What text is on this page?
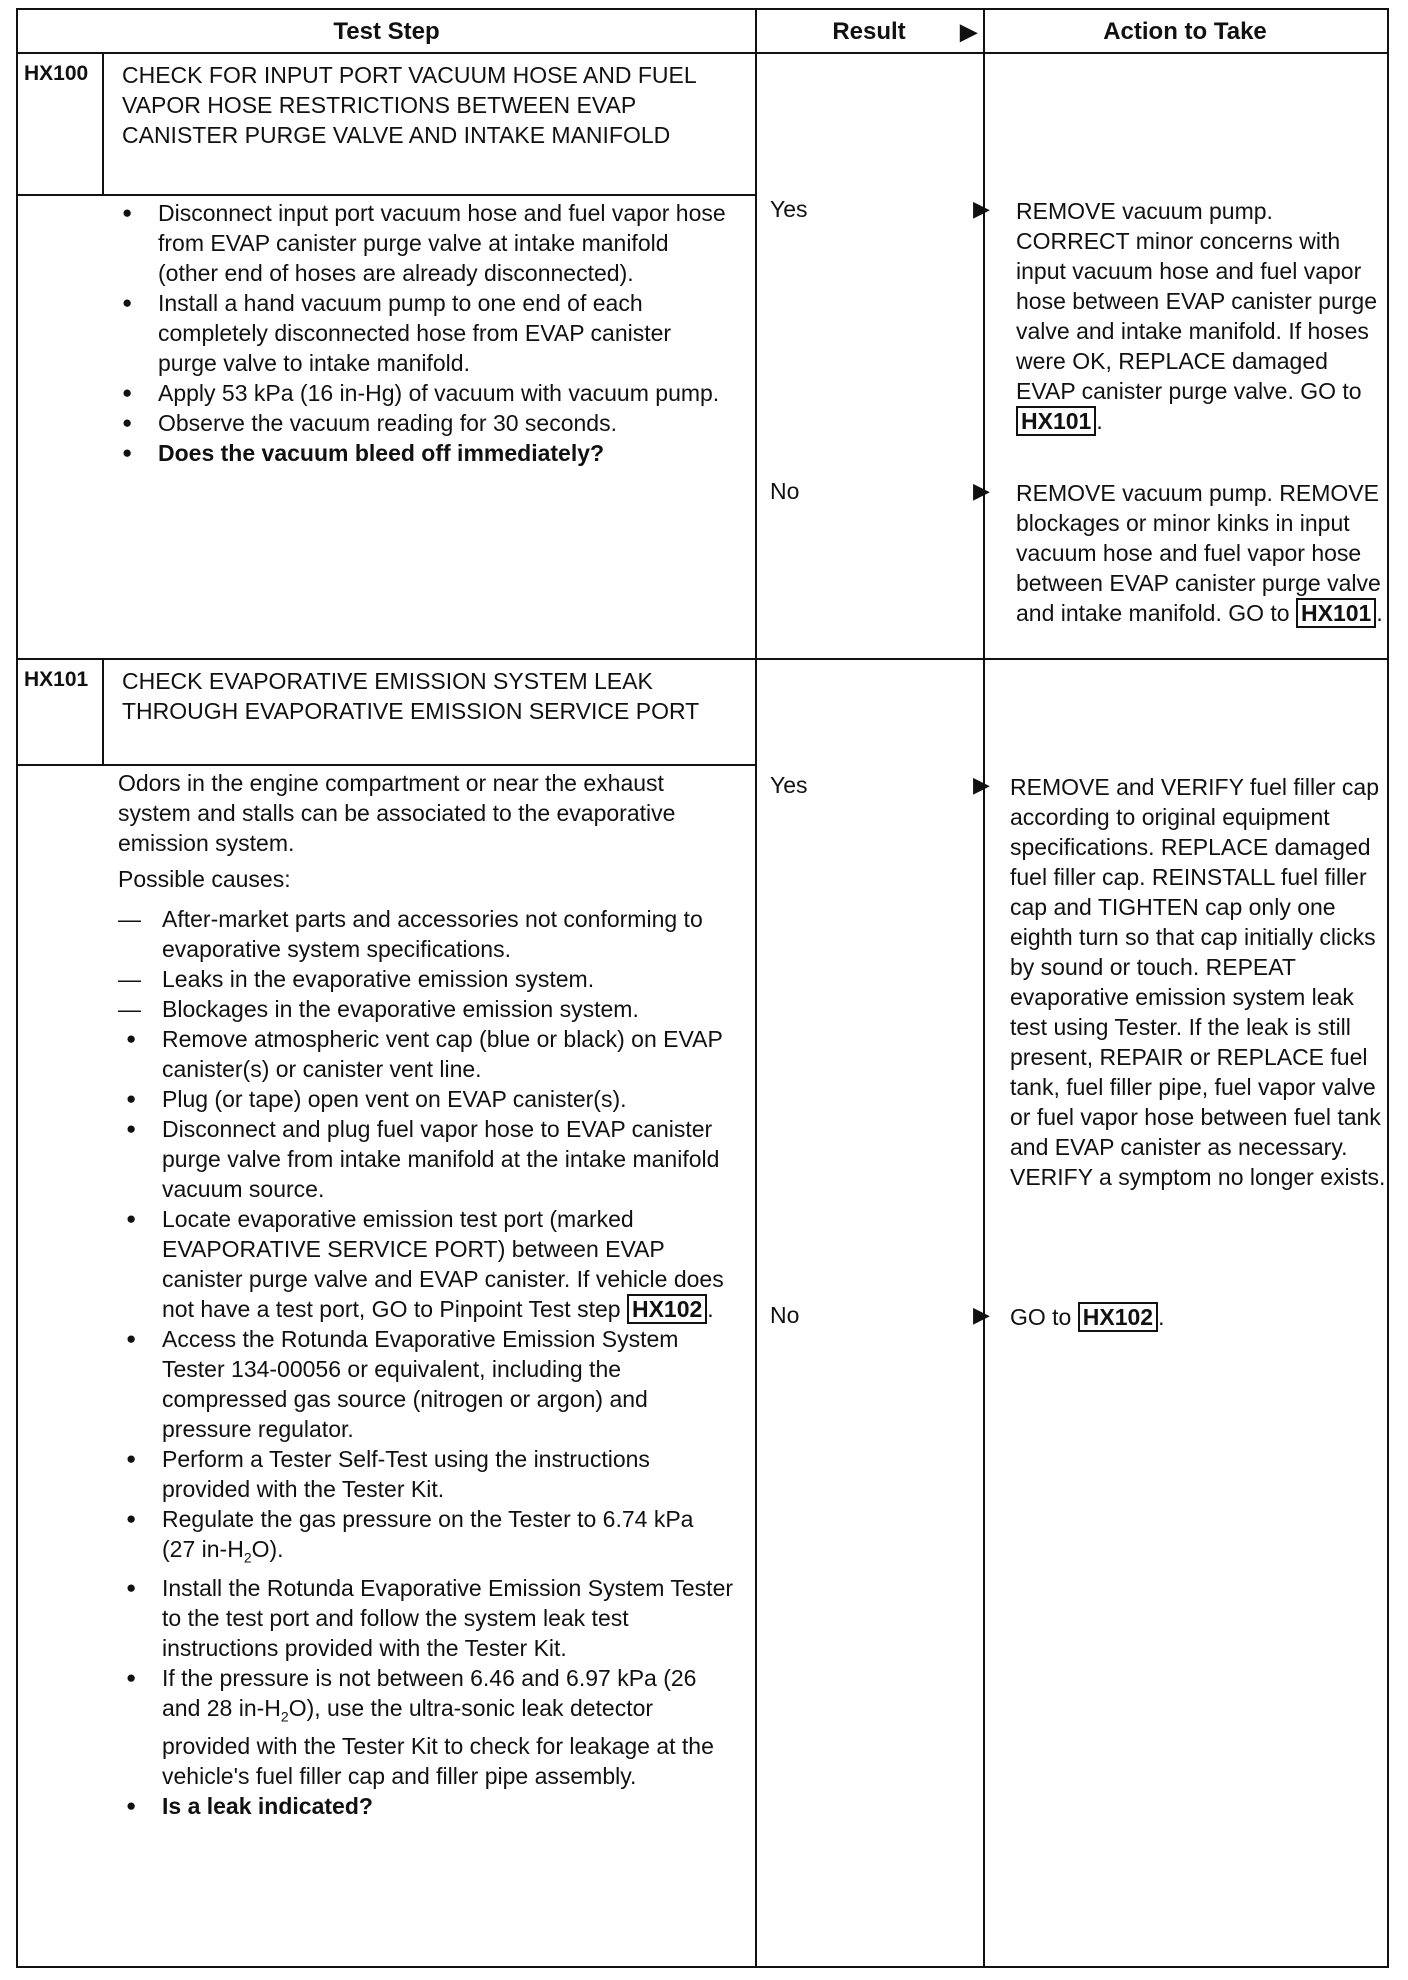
Test Step	Result ▶	Action to Take
HX100 CHECK FOR INPUT PORT VACUUM HOSE AND FUEL VAPOR HOSE RESTRICTIONS BETWEEN EVAP CANISTER PURGE VALVE AND INTAKE MANIFOLD
● Disconnect input port vacuum hose and fuel vapor hose from EVAP canister purge valve at intake manifold (other end of hoses are already disconnected).
● Install a hand vacuum pump to one end of each completely disconnected hose from EVAP canister purge valve to intake manifold.
● Apply 53 kPa (16 in-Hg) of vacuum with vacuum pump.
● Observe the vacuum reading for 30 seconds.
● Does the vacuum bleed off immediately?
Yes	▶ REMOVE vacuum pump. CORRECT minor concerns with input vacuum hose and fuel vapor hose between EVAP canister purge valve and intake manifold. If hoses were OK, REPLACE damaged EVAP canister purge valve. GO to HX101 .
No	▶ REMOVE vacuum pump. REMOVE blockages or minor kinks in input vacuum hose and fuel vapor hose between EVAP canister purge valve and intake manifold. GO to HX101 .
HX101 CHECK EVAPORATIVE EMISSION SYSTEM LEAK THROUGH EVAPORATIVE EMISSION SERVICE PORT

Odors in the engine compartment or near the exhaust system and stalls can be associated to the evaporative emission system.

Possible causes:

— After-market parts and accessories not conforming to evaporative system specifications.
— Leaks in the evaporative emission system.
— Blockages in the evaporative emission system.
● Remove atmospheric vent cap (blue or black) on EVAP canister(s) or canister vent line.
● Plug (or tape) open vent on EVAP canister(s).
● Disconnect and plug fuel vapor hose to EVAP canister purge valve from intake manifold at the intake manifold vacuum source.
● Locate evaporative emission test port (marked EVAPORATIVE SERVICE PORT) between EVAP canister purge valve and EVAP canister. If vehicle does not have a test port, GO to Pinpoint Test step HX102 .
● Access the Rotunda Evaporative Emission System Tester 134-00056 or equivalent, including the compressed gas source (nitrogen or argon) and pressure regulator.
● Perform a Tester Self-Test using the instructions provided with the Tester Kit.
● Regulate the gas pressure on the Tester to 6.74 kPa (27 $in-H_2O$).
● Install the Rotunda Evaporative Emission System Tester to the test port and follow the system leak test instructions provided with the Tester Kit.
● If the pressure is not between 6.46 and 6.97 kPa (26 and 28 $in-H_2O$), use the ultra-sonic leak detector provided with the Tester Kit to check for leakage at the vehicle's fuel filler cap and filler pipe assembly.
● Is a leak indicated?
Yes	▶ REMOVE and VERIFY fuel filler cap according to original equipment specifications. REPLACE damaged fuel filler cap. REINSTALL fuel filler cap and TIGHTEN cap only one eighth turn so that cap initially clicks by sound or touch. REPEAT evaporative emission system leak test using Tester. If the leak is still present, REPAIR or REPLACE fuel tank, fuel filler pipe, fuel vapor valve or fuel vapor hose between fuel tank and EVAP canister as necessary. VERIFY a symptom no longer exists.
No	▶ GO to HX102 .
